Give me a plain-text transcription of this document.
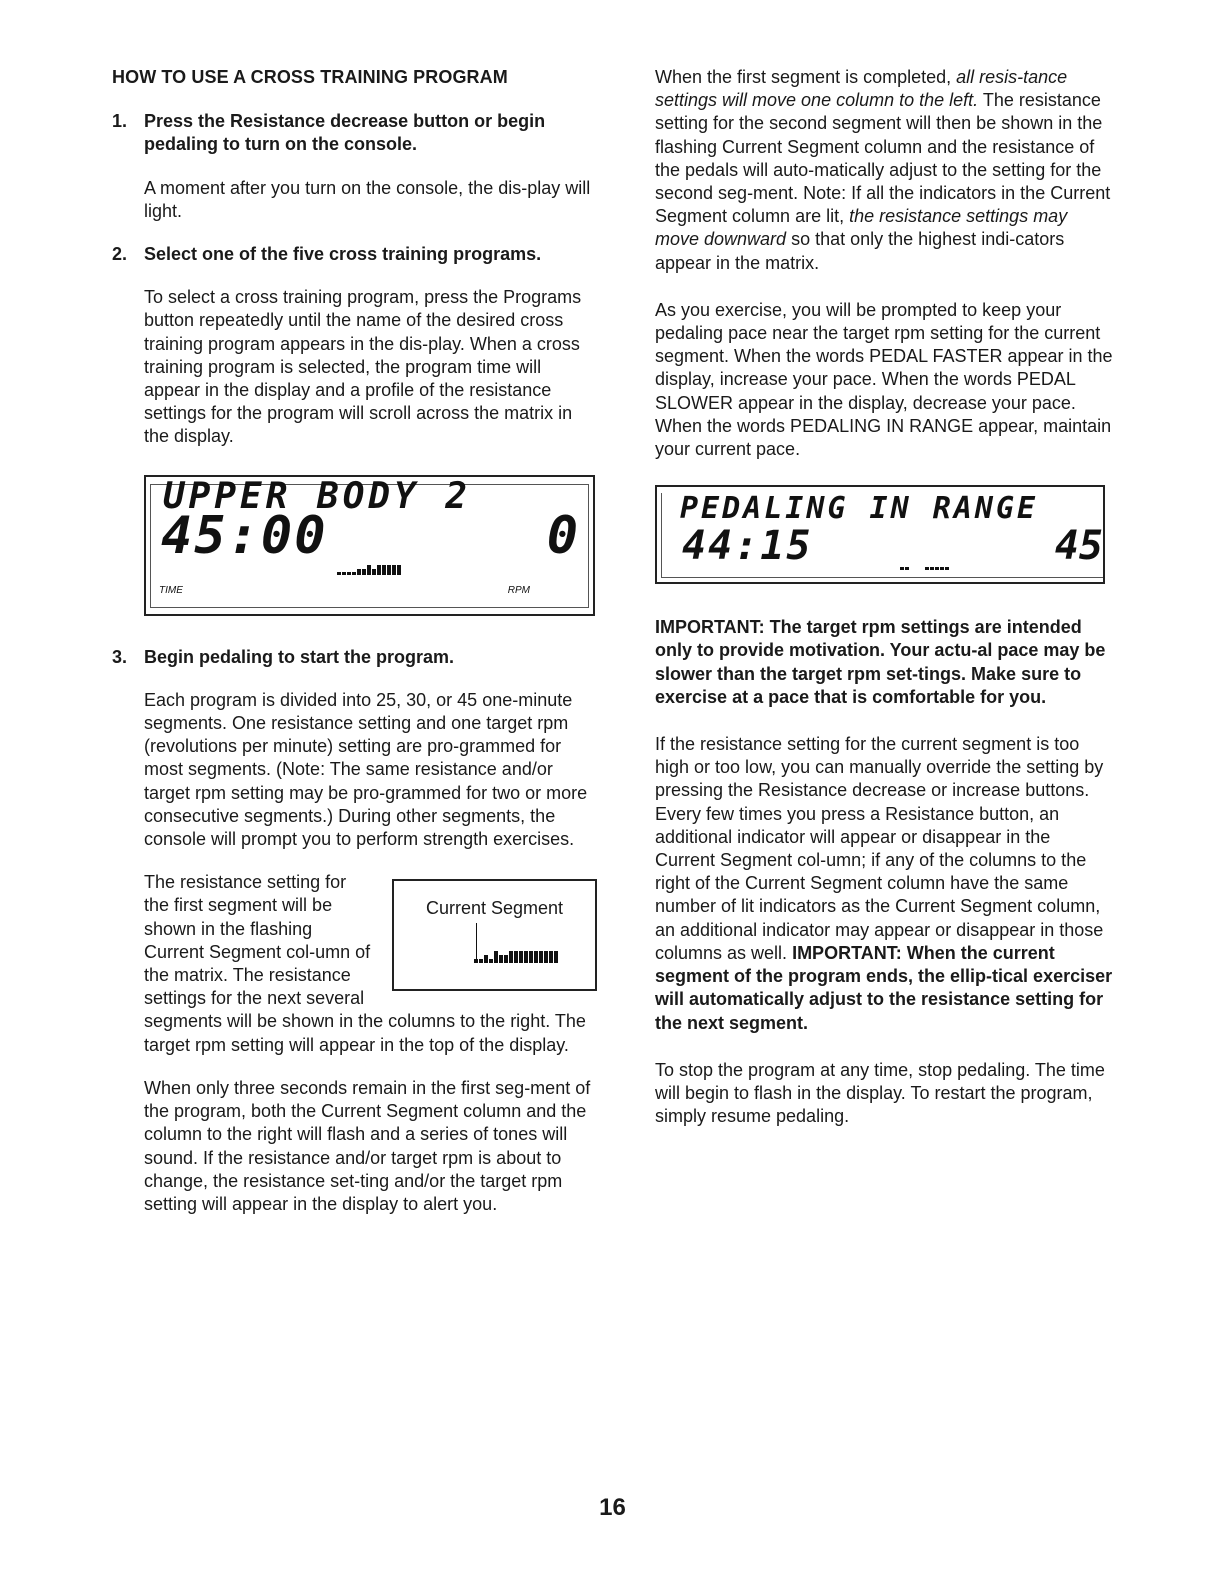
HOW TO USE A CROSS TRAINING PROGRAM
1. Press the Resistance decrease button or begin pedaling to turn on the console.

A moment after you turn on the console, the dis-play will light.

2. Select one of the five cross training programs.

To select a cross training program, press the Programs button repeatedly until the name of the desired cross training program appears in the dis-play. When a cross training program is selected, the program time will appear in the display and a profile of the resistance settings for the program will scroll across the matrix in the display.

UPPER BODY 2
45:00	0
TIME	RPM
3. Begin pedaling to start the program.

Each program is divided into 25, 30, or 45 one-minute segments. One resistance setting and one target rpm (revolutions per minute) setting are pro-grammed for most segments. (Note: The same resistance and/or target rpm setting may be pro-grammed for two or more consecutive segments.) During other segments, the console will prompt you to perform strength exercises.

Current Segment

The resistance setting for the first segment will be shown in the flashing Current Segment col-umn of the matrix. The resistance settings for the next several segments will be shown in the columns to the right. The target rpm setting will appear in the top of the display.

When only three seconds remain in the first seg-ment of the program, both the Current Segment column and the column to the right will flash and a series of tones will sound. If the resistance and/or target rpm is about to change, the resistance set-ting and/or the target rpm setting will appear in the display to alert you.

When the first segment is completed, all resis-tance settings will move one column to the left. The resistance setting for the second segment will then be shown in the flashing Current Segment column and the resistance of the pedals will auto-matically adjust to the setting for the second seg-ment. Note: If all the indicators in the Current Segment column are lit, the resistance settings may move downward so that only the highest indi-cators appear in the matrix.

As you exercise, you will be prompted to keep your pedaling pace near the target rpm setting for the current segment. When the words PEDAL FASTER appear in the display, increase your pace. When the words PEDAL SLOWER appear in the display, decrease your pace. When the words PEDALING IN RANGE appear, maintain your current pace.

PEDALING IN RANGE
44:15	45

IMPORTANT: The target rpm settings are intended only to provide motivation. Your actu-al pace may be slower than the target rpm set-tings. Make sure to exercise at a pace that is comfortable for you.

If the resistance setting for the current segment is too high or too low, you can manually override the setting by pressing the Resistance decrease or increase buttons. Every few times you press a Resistance button, an additional indicator will appear or disappear in the Current Segment col-umn; if any of the columns to the right of the Current Segment column have the same number of lit indicators as the Current Segment column, an additional indicator may appear or disappear in those columns as well. IMPORTANT: When the current segment of the program ends, the ellip-tical exerciser will automatically adjust to the resistance setting for the next segment.

To stop the program at any time, stop pedaling. The time will begin to flash in the display. To restart the program, simply resume pedaling.

16
